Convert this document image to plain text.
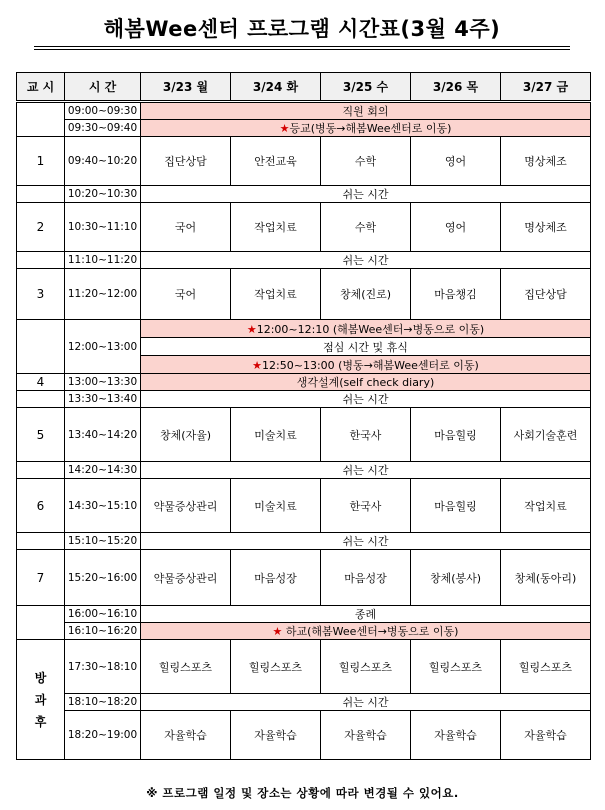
해봄Wee센터 프로그램 시간표(3월 4주)
교 시	시 간	3/23 월	3/24 화	3/25 수	3/26 목	3/27 금
	09:00~09:30	직원 회의				
	09:30~09:40	★등교(병동→해봄Wee센터로 이동)				
1	09:40~10:20	집단상담	안전교육	수학	영어	명상체조
	10:20~10:30	쉬는 시간				
2	10:30~11:10	국어	작업치료	수학	영어	명상체조
	11:10~11:20	쉬는 시간				
3	11:20~12:00	국어	작업치료	창체(진로)	마음챙김	집단상담
	12:00~13:00	★12:00~12:10 (해봄Wee센터→병동으로 이동)				
		점심 시간 및 휴식				
		★12:50~13:00 (병동→해봄Wee센터로 이동)				
4	13:00~13:30	생각설계(self check diary)				
	13:30~13:40	쉬는 시간				
5	13:40~14:20	창체(자율)	미술치료	한국사	마음힐링	사회기술훈련
	14:20~14:30	쉬는 시간				
6	14:30~15:10	약물증상관리	미술치료	한국사	마음힐링	작업치료
	15:10~15:20	쉬는 시간				
7	15:20~16:00	약물증상관리	마음성장	마음성장	창체(봉사)	창체(동아리)
	16:00~16:10	종례				
	16:10~16:20	★ 하교(해봄Wee센터→병동으로 이동)				
방
과
후	17:30~18:10	힐링스포츠	힐링스포츠	힐링스포츠	힐링스포츠	힐링스포츠
	18:10~18:20	쉬는 시간				
	18:20~19:00	자율학습	자율학습	자율학습	자율학습	자율학습
※ 프로그램 일정 및 장소는 상황에 따라 변경될 수 있어요.
